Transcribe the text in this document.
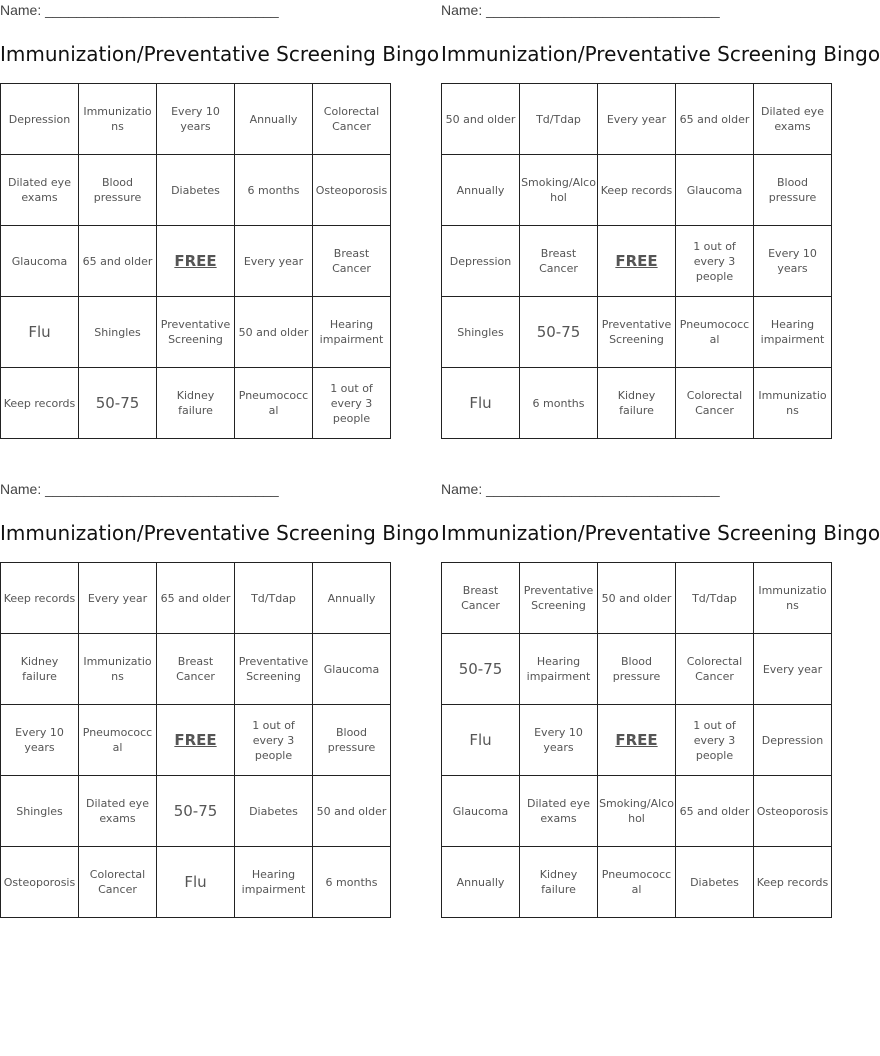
Name: ______________________________
Immunization/Preventative Screening Bingo
Depression	Immunizations	Every 10 years	Annually	Colorectal Cancer
Dilated eye exams	Blood pressure	Diabetes	6 months	Osteoporosis
Glaucoma	65 and older	FREE	Every year	Breast Cancer
Flu	Shingles	Preventative Screening	50 and older	Hearing impairment
Keep records	50-75	Kidney failure	Pneumococcal	1 out of every 3 people
Name: ______________________________
Immunization/Preventative Screening Bingo
50 and older	Td/Tdap	Every year	65 and older	Dilated eye exams
Annually	Smoking/Alcohol	Keep records	Glaucoma	Blood pressure
Depression	Breast Cancer	FREE	1 out of every 3 people	Every 10 years
Shingles	50-75	Preventative Screening	Pneumococcal	Hearing impairment
Flu	6 months	Kidney failure	Colorectal Cancer	Immunizations
Name: ______________________________
Immunization/Preventative Screening Bingo
Keep records	Every year	65 and older	Td/Tdap	Annually
Kidney failure	Immunizations	Breast Cancer	Preventative Screening	Glaucoma
Every 10 years	Pneumococcal	FREE	1 out of every 3 people	Blood pressure
Shingles	Dilated eye exams	50-75	Diabetes	50 and older
Osteoporosis	Colorectal Cancer	Flu	Hearing impairment	6 months
Name: ______________________________
Immunization/Preventative Screening Bingo
Breast Cancer	Preventative Screening	50 and older	Td/Tdap	Immunizations
50-75	Hearing impairment	Blood pressure	Colorectal Cancer	Every year
Flu	Every 10 years	FREE	1 out of every 3 people	Depression
Glaucoma	Dilated eye exams	Smoking/Alcohol	65 and older	Osteoporosis
Annually	Kidney failure	Pneumococcal	Diabetes	Keep records
